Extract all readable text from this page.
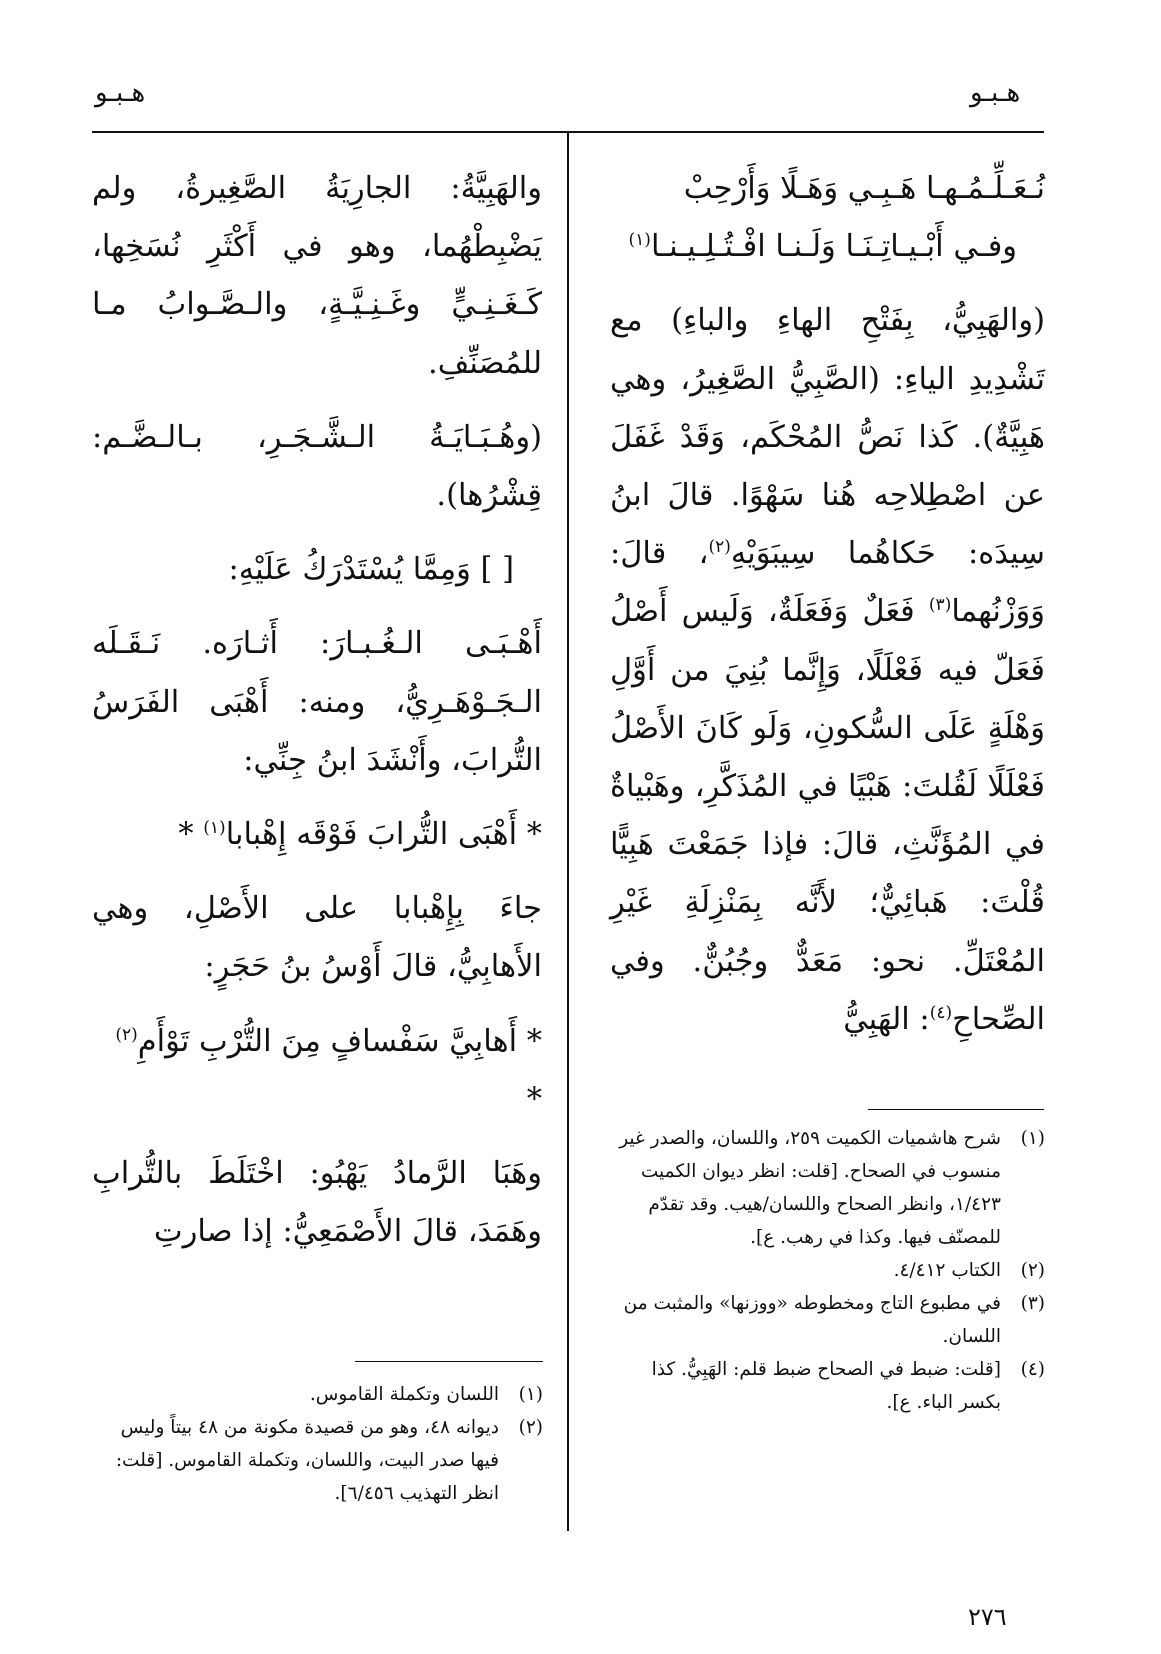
هـبـو
هـبـو

نُـعَـلِّـمُـهـا هَـبِـي وَهَـلًا وَأَرْحِبْ

وفـي أَبْـيـاتِـنَـا وَلَـنـا افْـتُـلِـيـنـا$^{(١)}$

(والهَبِيُّ، بِفَتْحِ الهاءِ والباءِ) مع تَشْدِيدِ الياءِ: (الصَّبِيُّ الصَّغِيرُ، وهي هَبِيَّةٌ). كَذا نَصُّ المُحْكَم، وَقَدْ غَفَلَ عن اصْطِلاحِه هُنا سَهْوًا. قالَ ابنُ سِيدَه: حَكاهُما سِيبَوَيْهِ$^{(٢)}$، قالَ: وَوَزْنُهما$^{(٣)}$ فَعَلٌ وَفَعَلَةٌ، وَلَيس أَصْلُ فَعَلّ فيه فَعْلَلًا، وَإِنَّما بُنِيَ من أَوَّلِ وَهْلَةٍ عَلَى السُّكونِ، وَلَو كَانَ الأَصْلُ فَعْلَلًا لَقُلتَ: هَبْيًا في المُذَكَّرِ، وهَبْياةٌ في المُؤَنَّثِ، قالَ: فإذا جَمَعْتَ هَبِيًّا قُلْتَ: هَبائِيٌّ؛ لأَنَّه بِمَنْزِلَةِ غَيْرِ المُعْتَلِّ. نحو: مَعَدٌّ وجُبُنٌّ. وفي الصِّحاحِ$^{(٤)}$: الهَبِيُّ

(١)
شرح هاشميات الكميت ٢٥٩، واللسان، والصدر غير منسوب في الصحاح. [قلت: انظر ديوان الكميت ١/٤٢٣، وانظر الصحاح واللسان/هيب. وقد تقدّم للمصنّف فيها. وكذا في رهب. ع].
(٢)
الكتاب ٤/٤١٢.
(٣)
في مطبوع التاج ومخطوطه «ووزنها» والمثبت من اللسان.
(٤)
[قلت: ضبط في الصحاح ضبط قلم: الهَبِيُّ. كذا بكسر الباء. ع].

والهَبِيَّةُ: الجارِيَةُ الصَّغِيرةُ، ولم يَضْبِطْهُما، وهو في أَكْثَرِ نُسَخِها، كَـغَـنِـيٍّ وغَـنِـيَّـةٍ، والـصَّـوابُ مـا للمُصَنِّفِ.

(وهُـبَـايَـةُ الـشَّـجَـرِ، بـالـضَّـم: قِشْرُها).

[ ] وَمِمَّا يُسْتَدْرَكُ عَلَيْهِ:

أَهْـبَـى الـغُـبـارَ: أَثـارَه. نَـقَـلَه الـجَـوْهَـرِيُّ، ومنه: أَهْبَى الفَرَسُ التُّرابَ، وأَنْشَدَ ابنُ جِنِّي:

* أَهْبَى التُّرابَ فَوْقَه إِهْبابا$^{(١)}$ *

جاءَ بِإِهْبابا على الأَصْلِ، وهي الأَهابِيُّ، قالَ أَوْسُ بنُ حَجَرٍ:

* أَهابِيَّ سَفْسافٍ مِنَ التُّرْبِ تَوْأَمِ$^{(٢)}$ *

وهَبَا الرَّمادُ يَهْبُو: اخْتَلَطَ بالتُّرابِ وهَمَدَ، قالَ الأَصْمَعِيُّ: إذا صارتِ

(١)
اللسان وتكملة القاموس.
(٢)
ديوانه ٤٨، وهو من قصيدة مكونة من ٤٨ بيتاً وليس فيها صدر البيت، واللسان، وتكملة القاموس. [قلت: انظر التهذيب ٦/٤٥٦].
٢٧٦
